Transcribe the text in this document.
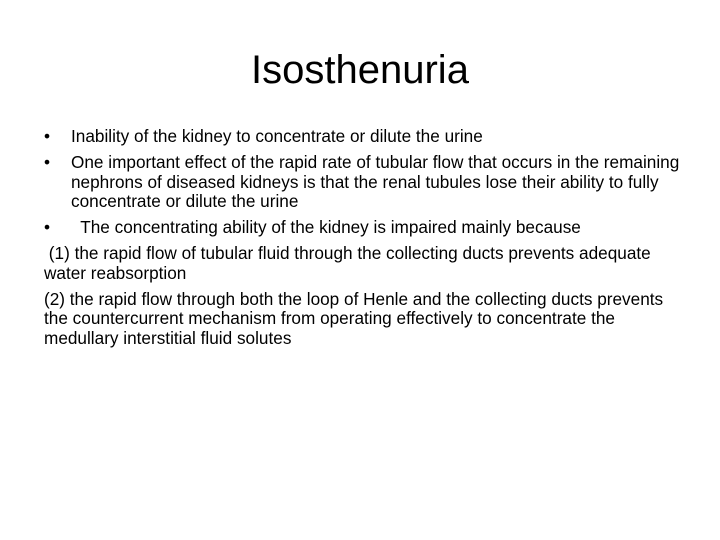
Isosthenuria
•	Inability of the kidney to concentrate or dilute the urine
•	One important effect of the rapid rate of tubular flow that occurs in the remaining nephrons of diseased kidneys is that the renal tubules lose their ability to fully concentrate or dilute the urine
•	The concentrating ability of the kidney is impaired mainly because

(1) the rapid flow of tubular fluid through the collecting ducts prevents adequate water reabsorption

(2) the rapid flow through both the loop of Henle and the collecting ducts prevents the countercurrent mechanism from operating effectively to concentrate the medullary interstitial fluid solutes
